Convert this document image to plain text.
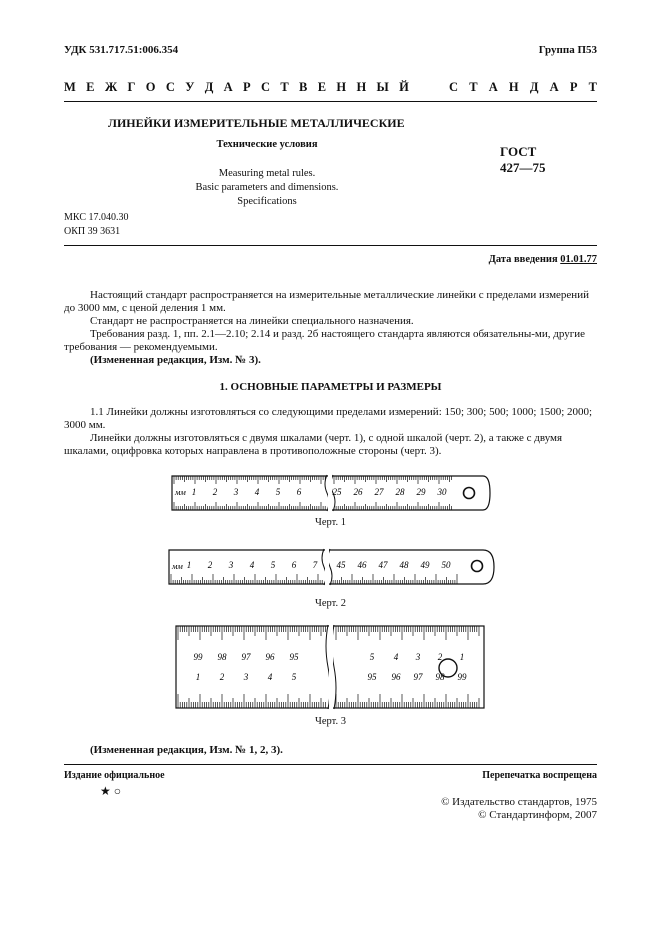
УДК 531.717.51:006.354	Группа П53
М Е Ж Г О С У Д А Р С Т В Е Н Н Ы Й	С Т А Н Д А Р Т
ЛИНЕЙКИ ИЗМЕРИТЕЛЬНЫЕ МЕТАЛЛИЧЕСКИЕ
Технические условия
Measuring metal rules.
Basic parameters and dimensions.
Specifications
ГОСТ
427—75
МКС 17.040.30
ОКП 39 3631
Дата введения 01.01.77

Настоящий стандарт распространяется на измерительные металлические линейки с пределами измерений до 3000 мм, с ценой деления 1 мм.

Стандарт не распространяется на линейки специального назначения.

Требования разд. 1, пп. 2.1—2.10; 2.14 и разд. 2б настоящего стандарта являются обязательны-ми, другие требования — рекомендуемыми.

(Измененная редакция, Изм. № 3).

1. ОСНОВНЫЕ ПАРАМЕТРЫ И РАЗМЕРЫ

1.1 Линейки должны изготовляться со следующими пределами измерений: 150; 300; 500; 1000; 1500; 2000; 3000 мм.

Линейки должны изготовляться с двумя шкалами (черт. 1), с одной шкалой (черт. 2), а также с двумя шкалами, оцифровка которых направлена в противоположные стороны (черт. 3).

мм 1 2 3 4 5 6	25 26 27 28 29 30
Черт. 1
мм 1 2 3 4 5 6 7 45 46 47 48 49 50
Черт. 2
99 98 97 96 95	5 4 3 2 1
1 2 3 4 5	95 96 97 98 99
Черт. 3
(Измененная редакция, Изм. № 1, 2, 3).
Издание официальное	Перепечатка воспрещена
★ ○
© Издательство стандартов, 1975
© Стандартинформ, 2007
